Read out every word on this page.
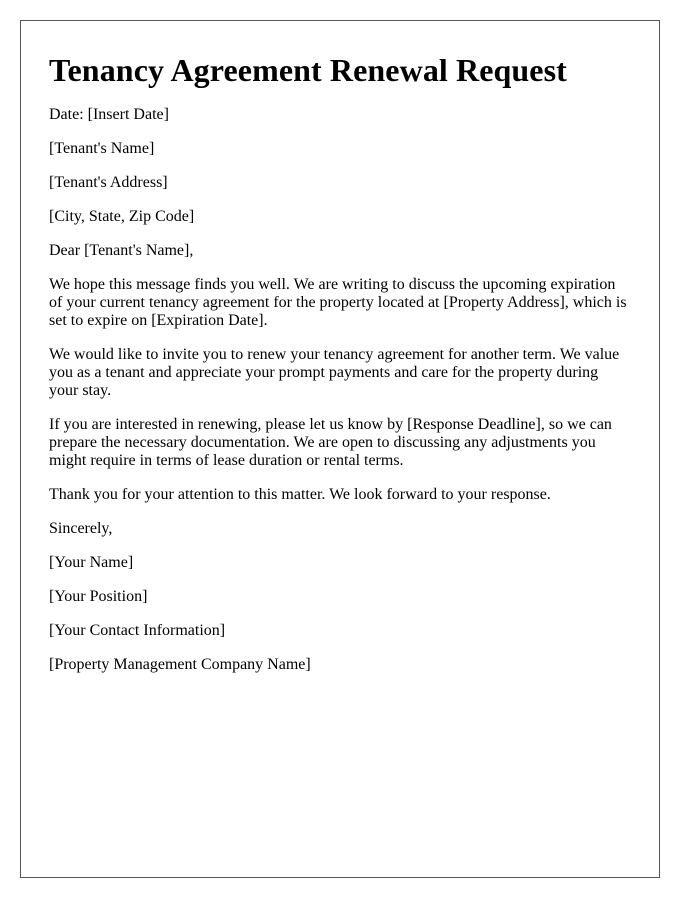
Tenancy Agreement Renewal Request

Date: [Insert Date]

[Tenant's Name]

[Tenant's Address]

[City, State, Zip Code]

Dear [Tenant's Name],

We hope this message finds you well. We are writing to discuss the upcoming expiration of your current tenancy agreement for the property located at [Property Address], which is set to expire on [Expiration Date].

We would like to invite you to renew your tenancy agreement for another term. We value you as a tenant and appreciate your prompt payments and care for the property during your stay.

If you are interested in renewing, please let us know by [Response Deadline], so we can prepare the necessary documentation. We are open to discussing any adjustments you might require in terms of lease duration or rental terms.

Thank you for your attention to this matter. We look forward to your response.

Sincerely,

[Your Name]

[Your Position]

[Your Contact Information]

[Property Management Company Name]
